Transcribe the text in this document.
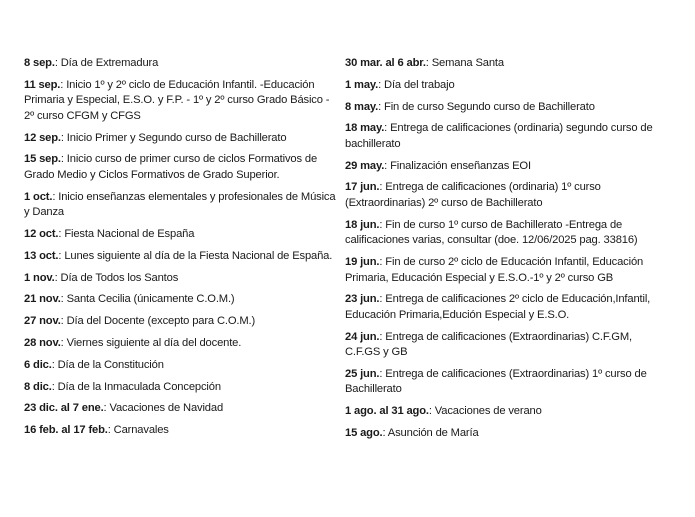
8 sep.: Día de Extremadura

11 sep.: Inicio 1º y 2º ciclo de Educación Infantil. -Educación Primaria y Especial, E.S.O. y F.P. - 1º y 2º curso Grado Básico - 2º curso CFGM y CFGS

12 sep.: Inicio Primer y Segundo curso de Bachillerato

15 sep.: Inicio curso de primer curso de ciclos Formativos de Grado Medio y Ciclos Formativos de Grado Superior.

1 oct.: Inicio enseñanzas elementales y profesionales de Música y Danza

12 oct.: Fiesta Nacional de España

13 oct.: Lunes siguiente al día de la Fiesta Nacional de España.

1 nov.: Día de Todos los Santos

21 nov.: Santa Cecilia (únicamente C.O.M.)

27 nov.: Día del Docente (excepto para C.O.M.)

28 nov.: Viernes siguiente al día del docente.

6 dic.: Día de la Constitución

8 dic.: Día de la Inmaculada Concepción

23 dic. al 7 ene.: Vacaciones de Navidad

16 feb. al 17 feb.: Carnavales

30 mar. al 6 abr.: Semana Santa

1 may.: Día del trabajo

8 may.: Fin de curso Segundo curso de Bachillerato

18 may.: Entrega de calificaciones (ordinaria) segundo curso de bachillerato

29 may.: Finalización enseñanzas EOI

17 jun.: Entrega de calificaciones (ordinaria) 1º curso (Extraordinarias) 2º curso de Bachillerato

18 jun.: Fin de curso 1º curso de Bachillerato -Entrega de calificaciones varias, consultar (doe. 12/06/2025 pag. 33816)

19 jun.: Fin de curso 2º ciclo de Educación Infantil, Educación Primaria, Educación Especial y E.S.O.-1º y 2º curso GB

23 jun.: Entrega de calificaciones 2º ciclo de Educación,Infantil, Educación Primaria,Edución Especial y E.S.O.

24 jun.: Entrega de calificaciones (Extraordinarias) C.F.GM, C.F.GS y GB

25 jun.: Entrega de calificaciones (Extraordinarias) 1º curso de Bachillerato

1 ago. al 31 ago.: Vacaciones de verano

15 ago.: Asunción de María
